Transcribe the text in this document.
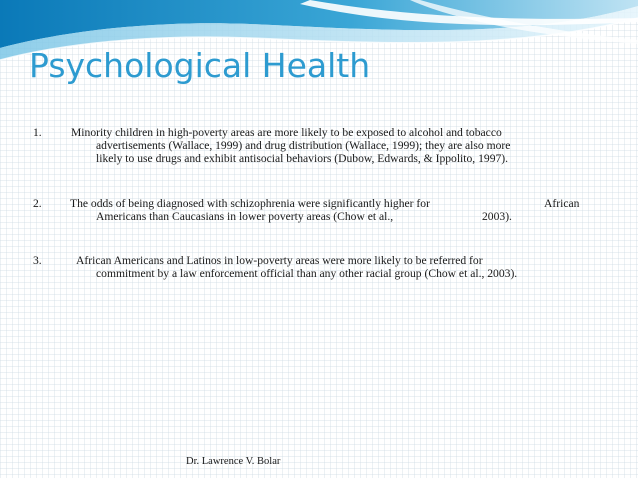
Psychological Health
1.	Minority children in high-poverty areas are more likely to be exposed to alcohol and tobacco
advertisements (Wallace, 1999) and drug distribution (Wallace, 1999); they are also more
likely to use drugs and exhibit antisocial behaviors (Dubow, Edwards, & Ippolito, 1997).
2. The odds of being diagnosed with schizophrenia were significantly higher for	African
Americans than Caucasians in lower poverty areas (Chow et al.,	2003).
3.	African Americans and Latinos in low-poverty areas were more likely to be referred for
commitment by a law enforcement official than any other racial group (Chow et al., 2003).
Dr. Lawrence V. Bolar
